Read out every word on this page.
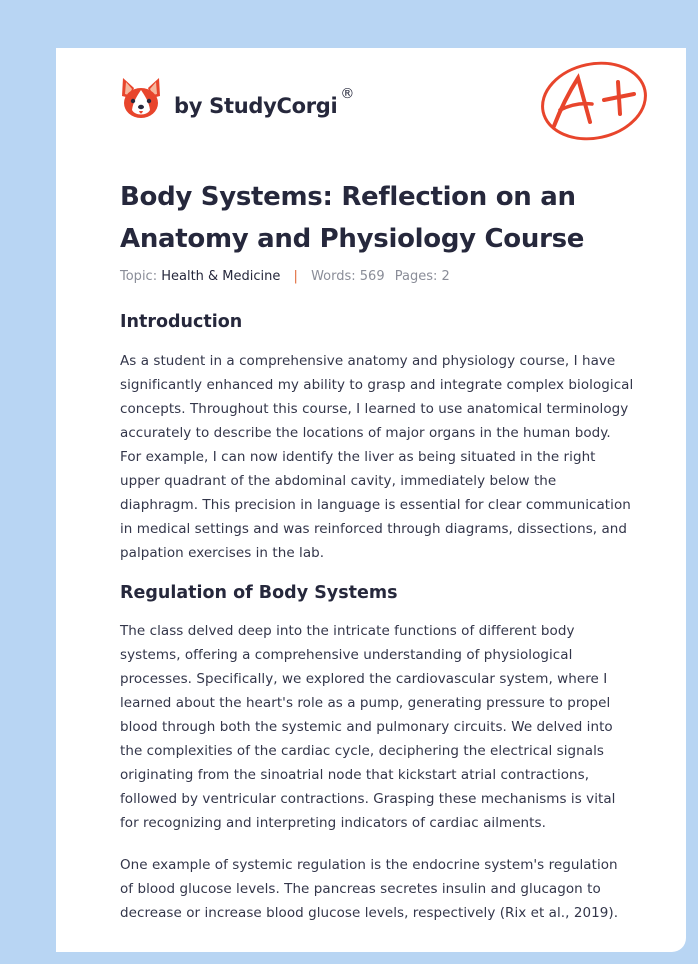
by StudyCorgi ®
Body Systems: Reflection on an Anatomy and Physiology Course
Topic: Health & Medicine | Words: 569 Pages: 2
Introduction

As a student in a comprehensive anatomy and physiology course, I have significantly enhanced my ability to grasp and integrate complex biological concepts. Throughout this course, I learned to use anatomical terminology accurately to describe the locations of major organs in the human body. For example, I can now identify the liver as being situated in the right upper quadrant of the abdominal cavity, immediately below the diaphragm. This precision in language is essential for clear communication in medical settings and was reinforced through diagrams, dissections, and palpation exercises in the lab.

Regulation of Body Systems

The class delved deep into the intricate functions of different body systems, offering a comprehensive understanding of physiological processes. Specifically, we explored the cardiovascular system, where I learned about the heart's role as a pump, generating pressure to propel blood through both the systemic and pulmonary circuits. We delved into the complexities of the cardiac cycle, deciphering the electrical signals originating from the sinoatrial node that kickstart atrial contractions, followed by ventricular contractions. Grasping these mechanisms is vital for recognizing and interpreting indicators of cardiac ailments.

One example of systemic regulation is the endocrine system's regulation of blood glucose levels. The pancreas secretes insulin and glucagon to decrease or increase blood glucose levels, respectively (Rix et al., 2019).
